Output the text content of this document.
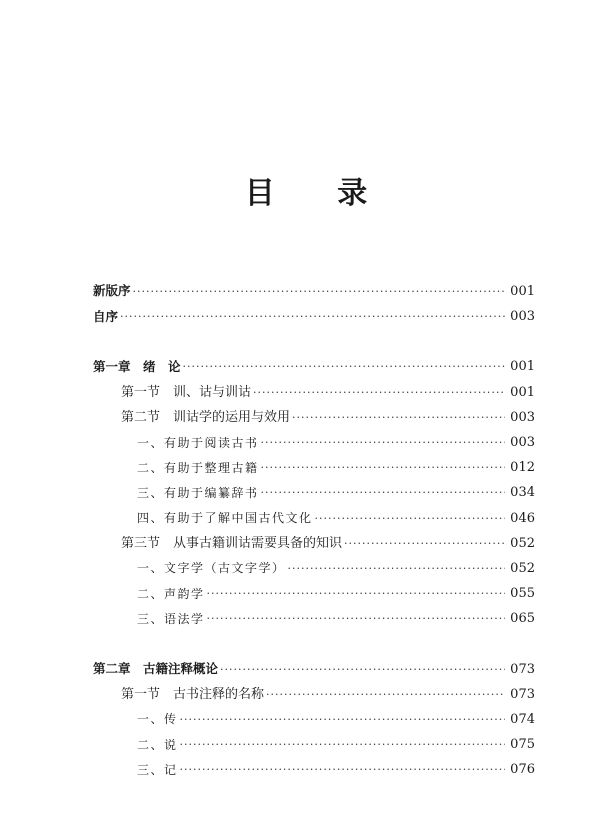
目 录
新版序 ·····	001
自序 ·····	003
第一章　绪　论 ·····	001
第一节　训、诂与训诂 ·····	001
第二节　训诂学的运用与效用 ·····	003
一、有助于阅读古书 ·····	003
二、有助于整理古籍 ·····	012
三、有助于编纂辞书 ·····	034
四、有助于了解中国古代文化 ·····	046
第三节　从事古籍训诂需要具备的知识 ·····	052
一、文字学（古文字学） ·····	052
二、声韵学 ·····	055
三、语法学 ·····	065
第二章　古籍注释概论 ·····	073
第一节　古书注释的名称 ·····	073
一、传 ·····	074
二、说 ·····	075
三、记 ·····	076
